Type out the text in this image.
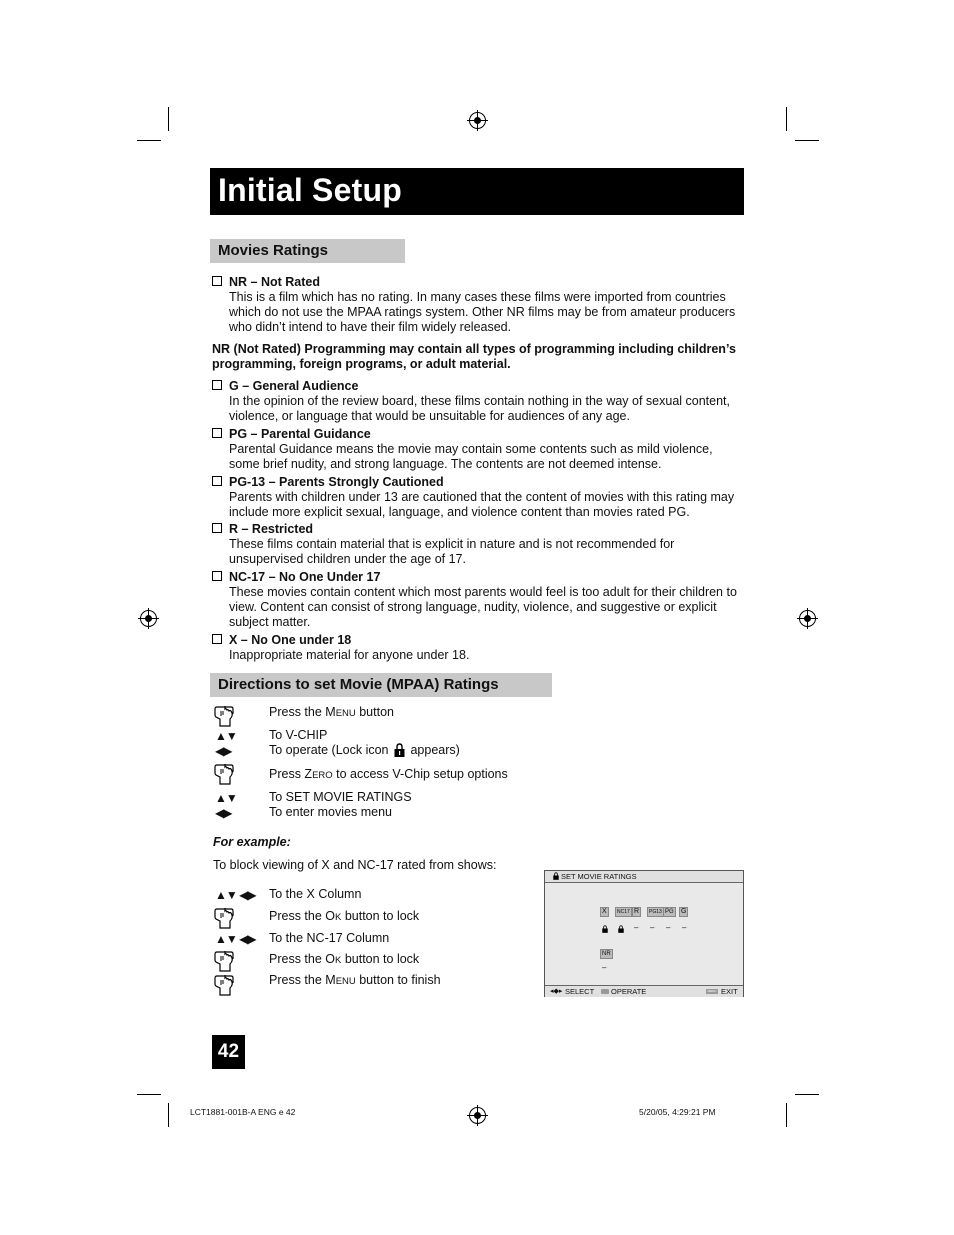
Initial Setup
Movies Ratings
NR – Not Rated
This is a film which has no rating. In many cases these films were imported from countries which do not use the MPAA ratings system. Other NR films may be from amateur producers who didn’t intend to have their film widely released.
NR (Not Rated) Programming may contain all types of programming including children’s programming, foreign programs, or adult material.
G – General Audience
In the opinion of the review board, these films contain nothing in the way of sexual content, violence, or language that would be unsuitable for audiences of any age.
PG – Parental Guidance
Parental Guidance means the movie may contain some contents such as mild violence, some brief nudity, and strong language. The contents are not deemed intense.
PG-13 – Parents Strongly Cautioned
Parents with children under 13 are cautioned that the content of movies with this rating may include more explicit sexual, language, and violence content than movies rated PG.
R – Restricted
These films contain material that is explicit in nature and is not recommended for unsupervised children under the age of 17.
NC-17 – No One Under 17
These movies contain content which most parents would feel is too adult for their children to view. Content can consist of strong language, nudity, violence, and suggestive or explicit subject matter.
X – No One under 18
Inappropriate material for anyone under 18.
Directions to set Movie (MPAA) Ratings
Press the MENU button
▲▼	To V-CHIP
◀▶	To operate (Lock icon appears)
Press ZERO to access V-Chip setup options
▲▼	To SET MOVIE RATINGS
◀▶	To enter movies menu
For example:
To block viewing of X and NC-17 rated from shows:
▲▼ ◀▶ To the X Column
Press the OK button to lock
▲▼ ◀▶ To the NC-17 Column
Press the OK button to lock
Press the MENU button to finish
SET MOVIE RATINGS
X	NC17 R	PG13 PG G
– – – –
NR
–
◂◆▸ SELECT OPERATE	MENU EXIT
42
LCT1881-001B-A ENG e 42	5/20/05, 4:29:21 PM
